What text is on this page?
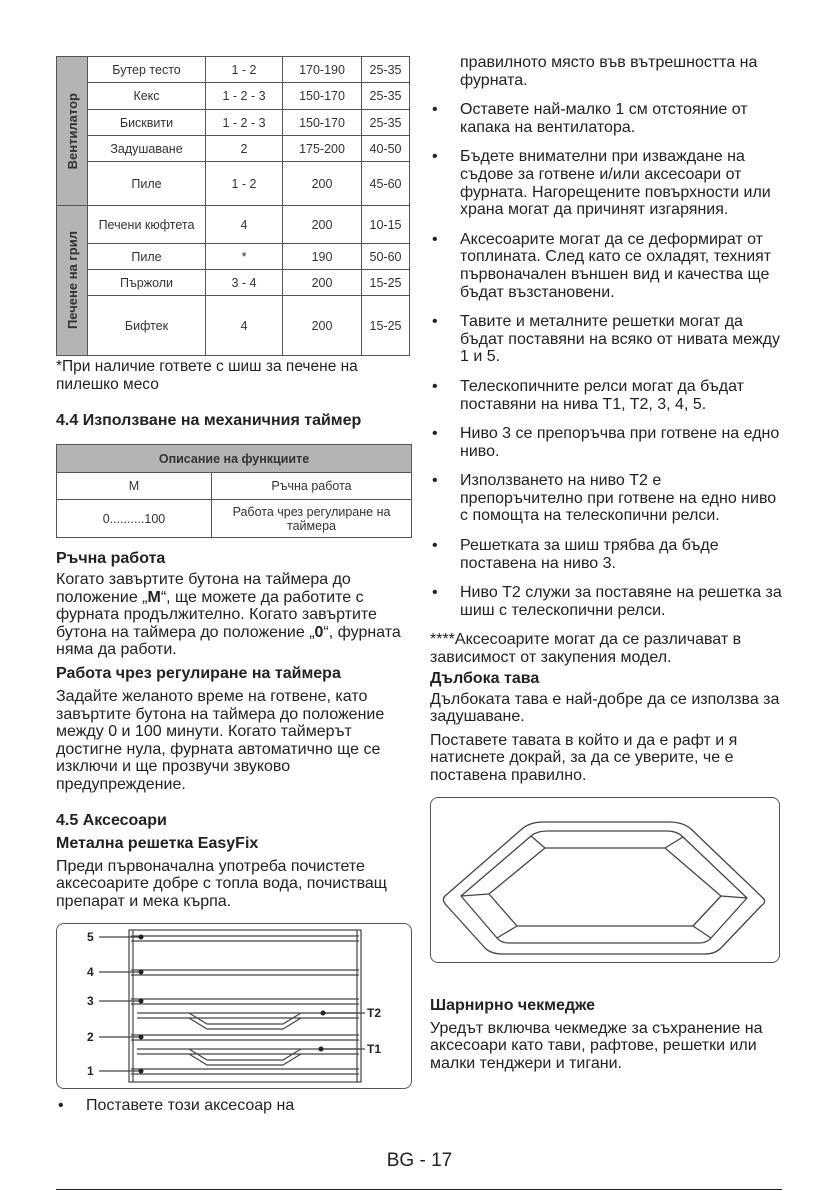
Вентилатор	Бутер тесто	1 - 2	170-190	25-35
	Кекс	1 - 2 - 3	150-170	25-35
	Бисквити	1 - 2 - 3	150-170	25-35
	Задушаване	2	175-200	40-50
	Пиле	1 - 2	200	45-60

Печене на грил	Печени кюфтета	4	200	10-15
	Пиле	*	190	50-60
	Пържоли	3 - 4	200	15-25
	Бифтек	4	200	15-25

*При наличие гответе с шиш за печене на пилешко месо

4.4 Използване на механичния таймер
Описание на функциите	
M	Ръчна работа
0..........100	Работа чрез регулиране на таймера
Ръчна работа

Когато завъртите бутона на таймера до положение „M“, ще можете да работите с фурната продължително. Когато завъртите бутона на таймера до положение „0“, фурната няма да работи.

Работа чрез регулиране на таймера

Задайте желаното време на готвене, като завъртите бутона на таймера до положение между 0 и 100 минути. Когато таймерът достигне нула, фурната автоматично ще се изключи и ще прозвучи звуково предупреждение.

4.5 Аксесоари
Метална решетка EasyFix

Преди първоначална употреба почистете аксесоарите добре с топла вода, почистващ препарат и мека кърпа.

5
4
3
2
1
T2
T1
• Поставете този аксесоар на

правилното място във вътрешността на фурната.

• Оставете най-малко 1 см отстояние от капака на вентилатора.
• Бъдете внимателни при изваждане на съдове за готвене и/или аксесоари от фурната. Нагорещените повърхности или храна могат да причинят изгаряния.
• Аксесоарите могат да се деформират от топлината. След като се охладят, техният първоначален външен вид и качества ще бъдат възстановени.
• Тавите и металните решетки могат да бъдат поставяни на всяко от нивата между 1 и 5.
• Телескопичните релси могат да бъдат поставяни на нива T1, T2, 3, 4, 5.
• Ниво 3 се препоръчва при готвене на едно ниво.
• Използването на ниво T2 е препоръчително при готвене на едно ниво с помощта на телескопични релси.
• Решетката за шиш трябва да бъде поставена на ниво 3.
• Ниво T2 служи за поставяне на решетка за шиш с телескопични релси.

****Аксесоарите могат да се различават в зависимост от закупения модел.

Дълбока тава

Дълбоката тава е най-добре да се използва за задушаване.

Поставете тавата в който и да е рафт и я натиснете докрай, за да се уверите, че е поставена правилно.

Шарнирно чекмедже

Уредът включва чекмедже за съхранение на аксесоари като тави, рафтове, решетки или малки тенджери и тигани.

BG - 17
